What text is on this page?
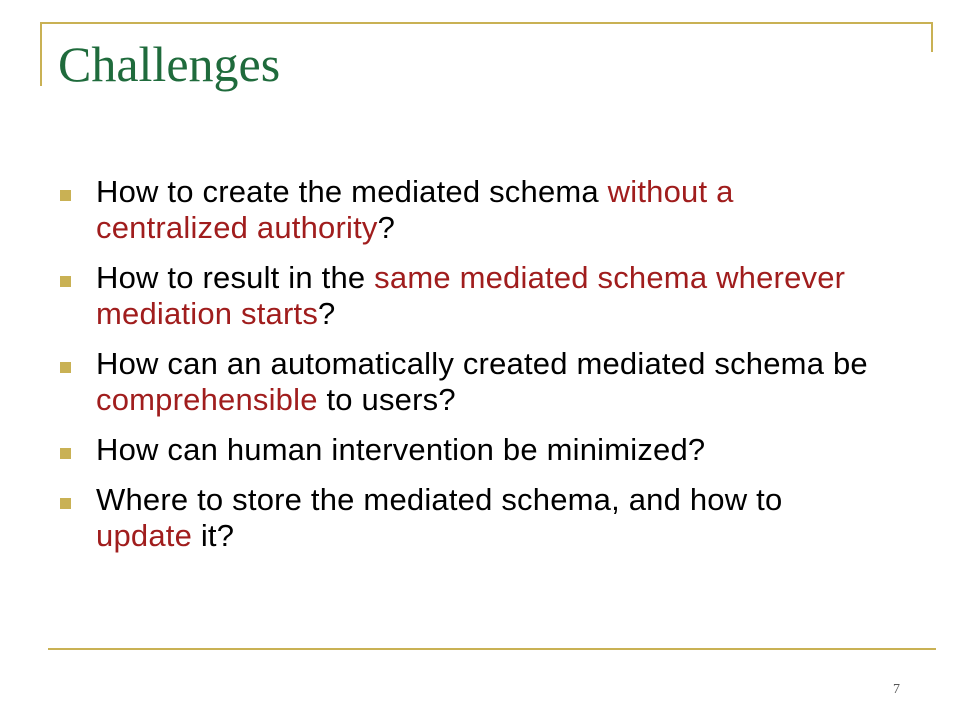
Challenges
How to create the mediated schema without a centralized authority?
How to result in the same mediated schema wherever mediation starts?
How can an automatically created mediated schema be comprehensible to users?
How can human intervention be minimized?
Where to store the mediated schema, and how to update it?
7
